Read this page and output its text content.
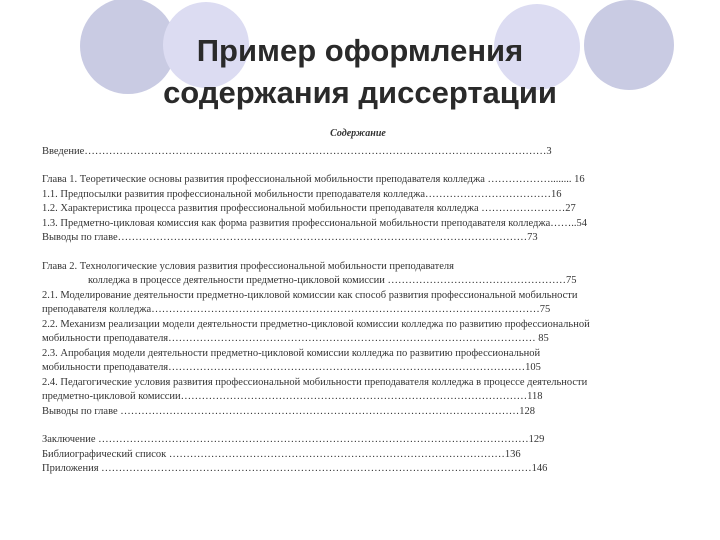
Пример оформления
содержания диссертации
Содержание
Введение……………………………………………………………………………………………………………………3
Глава 1. Теоретические основы развития профессиональной мобильности преподавателя колледжа ………………........ 16
1.1. Предпосылки развития профессиональной мобильности преподавателя колледжа………………………………16
1.2. Характеристика процесса развития профессиональной мобильности преподавателя колледжа ……………………27
1.3. Предметно-цикловая комиссия как форма развития профессиональной мобильности преподавателя колледжа……..54
Выводы по главе………………………………………………………………………………………………………73
Глава 2. Технологические условия развития профессиональной мобильности преподавателя
колледжа в процессе деятельности предметно-цикловой комиссии ……………………………………………75
2.1. Моделирование деятельности предметно-цикловой комиссии как способ развития профессиональной мобильности
преподавателя колледжа…………………………………………………………………………………………………75
2.2. Механизм реализации модели деятельности предметно-цикловой комиссии колледжа по развитию профессиональной
мобильности преподавателя…………………………………………………………………………………………… 85
2.3. Апробация модели деятельности предметно-цикловой комиссии колледжа по развитию профессиональной
мобильности преподавателя…………………………………………………………………………………………105
2.4. Педагогические условия развития профессиональной мобильности преподавателя колледжа в процессе деятельности
предметно-цикловой комиссии………………………………………………………………………………………118
Выводы по главе ……………………………………………………………………………………………………128
Заключение ……………………………………………………………………………………………………………129
Библиографический список ……………………………………………………………………………………136
Приложения ……………………………………………………………………………………………………………146
